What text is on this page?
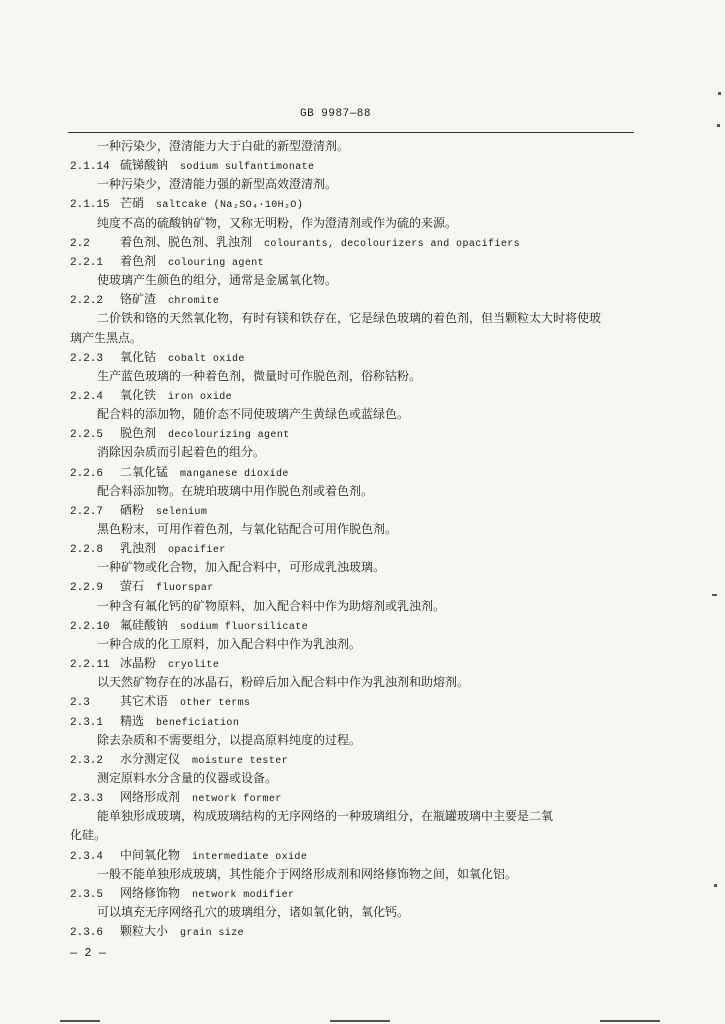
GB 9987—88
一种污染少，澄清能力大于白砒的新型澄清剂。
2.1.14 硫锑酸钠 sodium sulfantimonate
一种污染少，澄清能力强的新型高效澄清剂。
2.1.15 芒硝 saltcake (Na₂SO₄·10H₂O)
纯度不高的硫酸钠矿物，又称无明粉，作为澄清剂或作为硫的来源。
2.2	着色剂、脱色剂、乳浊剂 colourants, decolourizers and opacifiers
2.2.1 着色剂 colouring agent
使玻璃产生颜色的组分，通常是金属氧化物。
2.2.2 铬矿渣 chromite
二价铁和铬的天然氧化物，有时有镁和铁存在，它是绿色玻璃的着色剂，但当颗粒太大时将使玻
璃产生黑点。
2.2.3 氧化钴 cobalt oxide
生产蓝色玻璃的一种着色剂，微量时可作脱色剂，俗称钴粉。
2.2.4 氧化铁 iron oxide
配合料的添加物，随价态不同使玻璃产生黄绿色或蓝绿色。
2.2.5 脱色剂 decolourizing agent
消除因杂质而引起着色的组分。
2.2.6 二氧化锰 manganese dioxide
配合料添加物。在琥珀玻璃中用作脱色剂或着色剂。
2.2.7 硒粉 selenium
黑色粉末，可用作着色剂，与氧化钴配合可用作脱色剂。
2.2.8 乳浊剂 opacifier
一种矿物或化合物，加入配合料中，可形成乳浊玻璃。
2.2.9 萤石 fluorspar
一种含有氟化钙的矿物原料，加入配合料中作为助熔剂或乳浊剂。
2.2.10 氟硅酸钠 sodium fluorsilicate
一种合成的化工原料，加入配合料中作为乳浊剂。
2.2.11 冰晶粉 cryolite
以天然矿物存在的冰晶石，粉碎后加入配合料中作为乳浊剂和助熔剂。
2.3	其它术语 other terms
2.3.1 精选 beneficiation
除去杂质和不需要组分，以提高原料纯度的过程。
2.3.2 水分测定仪 moisture tester
测定原料水分含量的仪器或设备。
2.3.3 网络形成剂 network former
能单独形成玻璃，构成玻璃结构的无序网络的一种玻璃组分，在瓶罐玻璃中主要是二氧
化硅。
2.3.4 中间氧化物 intermediate oxide
一般不能单独形成玻璃，其性能介于网络形成剂和网络修饰物之间，如氧化铝。
2.3.5 网络修饰物 network modifier
可以填充无序网络孔穴的玻璃组分，诸如氧化钠，氧化钙。
2.3.6 颗粒大小 grain size
— 2 —
